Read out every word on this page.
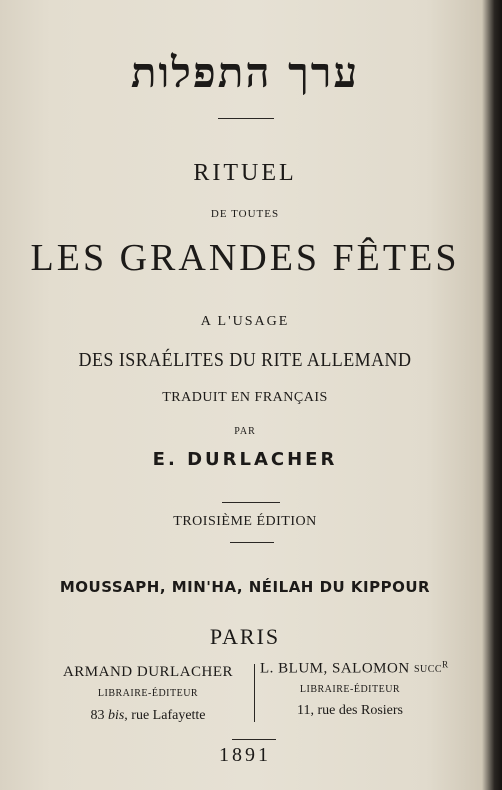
ערך התפלות
RITUEL
DE TOUTES
LES GRANDES FÊTES
A L'USAGE
DES ISRAÉLITES DU RITE ALLEMAND
TRADUIT EN FRANÇAIS
PAR
E. DURLACHER
TROISIÈME ÉDITION
MOUSSAPH, MIN'HA, NÉILAH DU KIPPOUR
PARIS
ARMAND DURLACHER
LIBRAIRE-ÉDITEUR
83 bis, rue Lafayette
L. BLUM, SALOMON SUCCR
LIBRAIRE-ÉDITEUR
11, rue des Rosiers
1891
